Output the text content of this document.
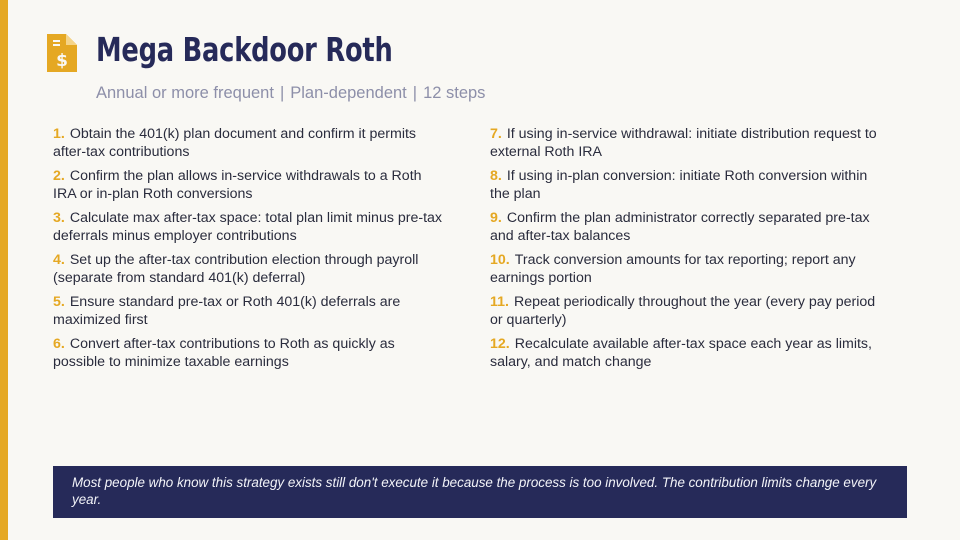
$ Mega Backdoor Roth
Annual or more frequent | Plan-dependent | 12 steps
1. Obtain the 401(k) plan document and confirm it permits after-tax contributions
2. Confirm the plan allows in-service withdrawals to a Roth IRA or in-plan Roth conversions
3. Calculate max after-tax space: total plan limit minus pre-tax deferrals minus employer contributions
4. Set up the after-tax contribution election through payroll (separate from standard 401(k) deferral)
5. Ensure standard pre-tax or Roth 401(k) deferrals are maximized first
6. Convert after-tax contributions to Roth as quickly as possible to minimize taxable earnings
7. If using in-service withdrawal: initiate distribution request to external Roth IRA
8. If using in-plan conversion: initiate Roth conversion within the plan
9. Confirm the plan administrator correctly separated pre-tax and after-tax balances
10. Track conversion amounts for tax reporting; report any earnings portion
11. Repeat periodically throughout the year (every pay period or quarterly)
12. Recalculate available after-tax space each year as limits, salary, and match change
Most people who know this strategy exists still don't execute it because the process is too involved. The contribution limits change every year.
